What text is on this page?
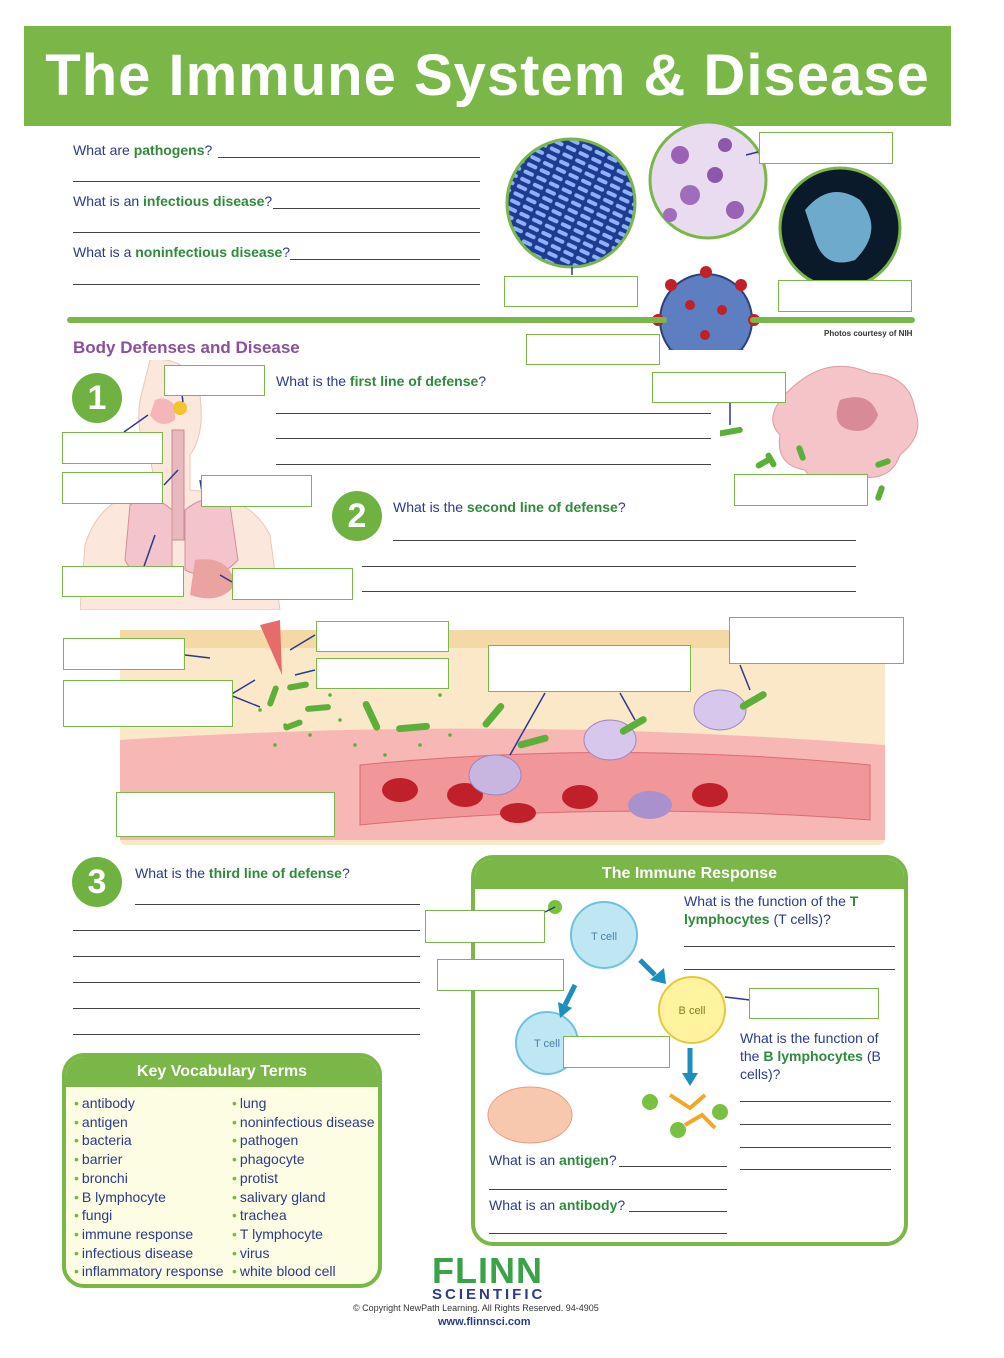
The Immune System & Disease
What are pathogens?
What is an infectious disease?
What is a noninfectious disease?
Photos courtesy of NIH
Body Defenses and Disease
1	What is the first line of defense?
2	What is the second line of defense?
3	What is the third line of defense?
Key Vocabulary Terms
• antibody
• antigen
• bacteria
• barrier
• bronchi
• B lymphocyte
• fungi
• immune response
• infectious disease
• inflammatory response
• lung
• noninfectious disease
• pathogen
• phagocyte
• protist
• salivary gland
• trachea
• T lymphocyte
• virus
• white blood cell
The Immune Response
T cell
B cell
T cell
What is the function of the T lymphocytes (T cells)?
What is the function of the B lymphocytes (B cells)?
What is an antigen?
What is an antibody?
FLINN
SCIENTIFIC
© Copyright NewPath Learning. All Rights Reserved. 94-4905
www.flinnsci.com
